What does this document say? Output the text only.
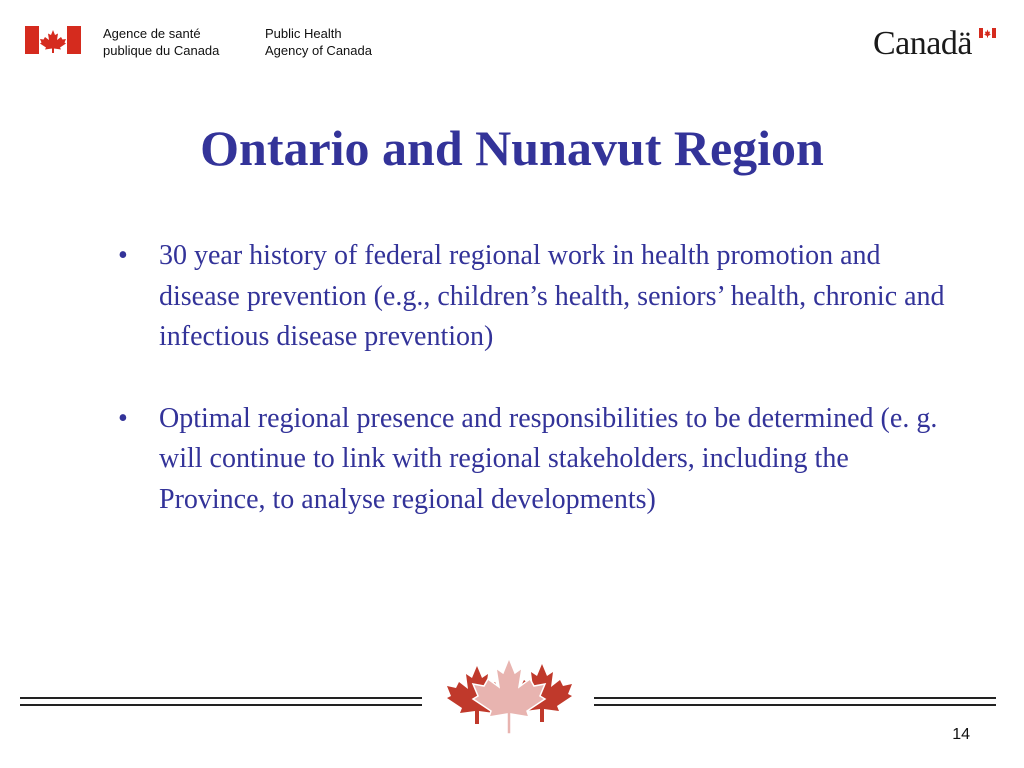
Agence de santé
publique du Canada
Public Health
Agency of Canada	Canadä
Ontario and Nunavut Region
• 30 year history of federal regional work in health promotion and disease prevention (e.g., children’s health, seniors’ health, chronic and infectious disease prevention)
• Optimal regional presence and responsibilities to be determined (e. g. will continue to link with regional stakeholders, including the Province, to analyse regional developments)
14
